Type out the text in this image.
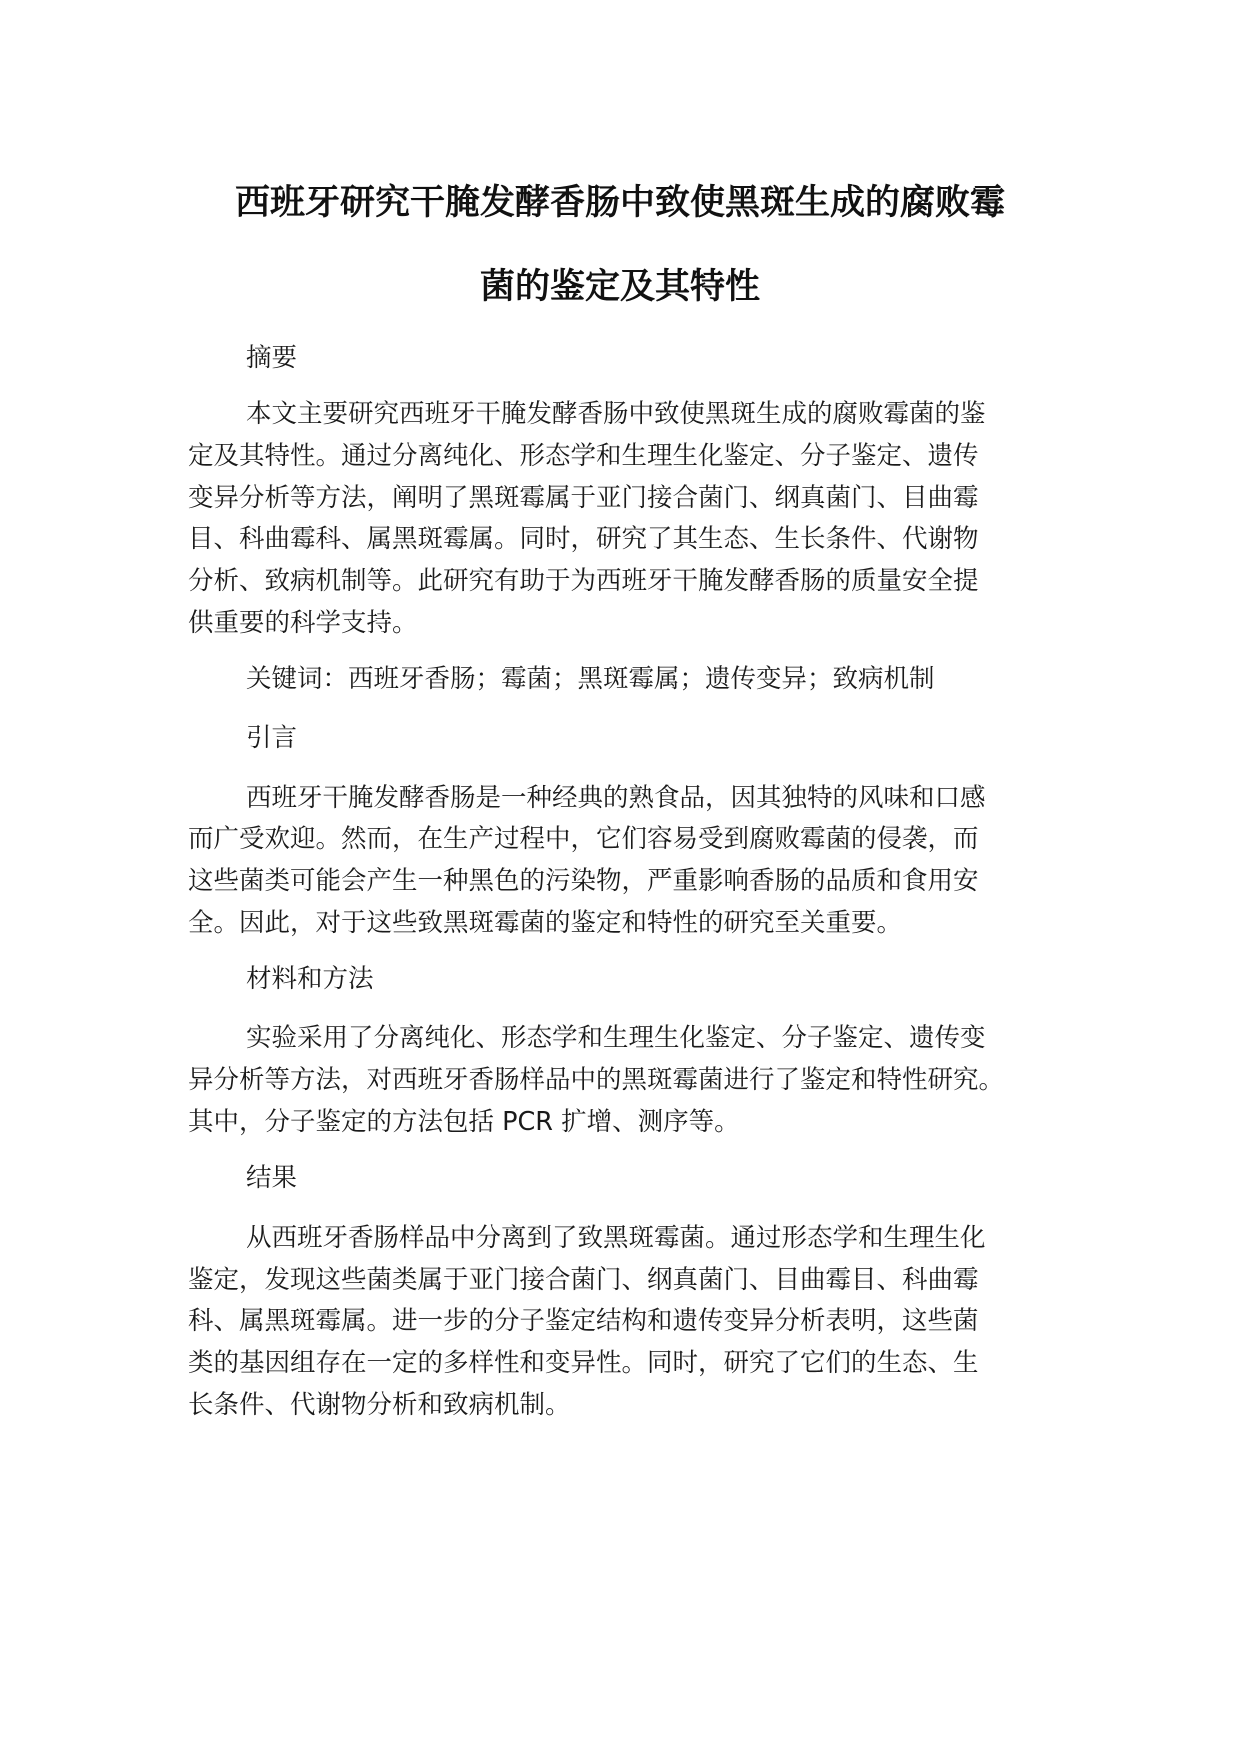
西班牙研究干腌发酵香肠中致使黑斑生成的腐败霉
菌的鉴定及其特性
摘要
本文主要研究西班牙干腌发酵香肠中致使黑斑生成的腐败霉菌的鉴
定及其特性。通过分离纯化、形态学和生理生化鉴定、分子鉴定、遗传
变异分析等方法，阐明了黑斑霉属于亚门接合菌门、纲真菌门、目曲霉
目、科曲霉科、属黑斑霉属。同时，研究了其生态、生长条件、代谢物
分析、致病机制等。此研究有助于为西班牙干腌发酵香肠的质量安全提
供重要的科学支持。
关键词：西班牙香肠；霉菌；黑斑霉属；遗传变异；致病机制
引言
西班牙干腌发酵香肠是一种经典的熟食品，因其独特的风味和口感
而广受欢迎。然而，在生产过程中，它们容易受到腐败霉菌的侵袭，而
这些菌类可能会产生一种黑色的污染物，严重影响香肠的品质和食用安
全。因此，对于这些致黑斑霉菌的鉴定和特性的研究至关重要。
材料和方法
实验采用了分离纯化、形态学和生理生化鉴定、分子鉴定、遗传变
异分析等方法，对西班牙香肠样品中的黑斑霉菌进行了鉴定和特性研究。
其中，分子鉴定的方法包括 PCR 扩增、测序等。
结果
从西班牙香肠样品中分离到了致黑斑霉菌。通过形态学和生理生化
鉴定，发现这些菌类属于亚门接合菌门、纲真菌门、目曲霉目、科曲霉
科、属黑斑霉属。进一步的分子鉴定结构和遗传变异分析表明，这些菌
类的基因组存在一定的多样性和变异性。同时，研究了它们的生态、生
长条件、代谢物分析和致病机制。
